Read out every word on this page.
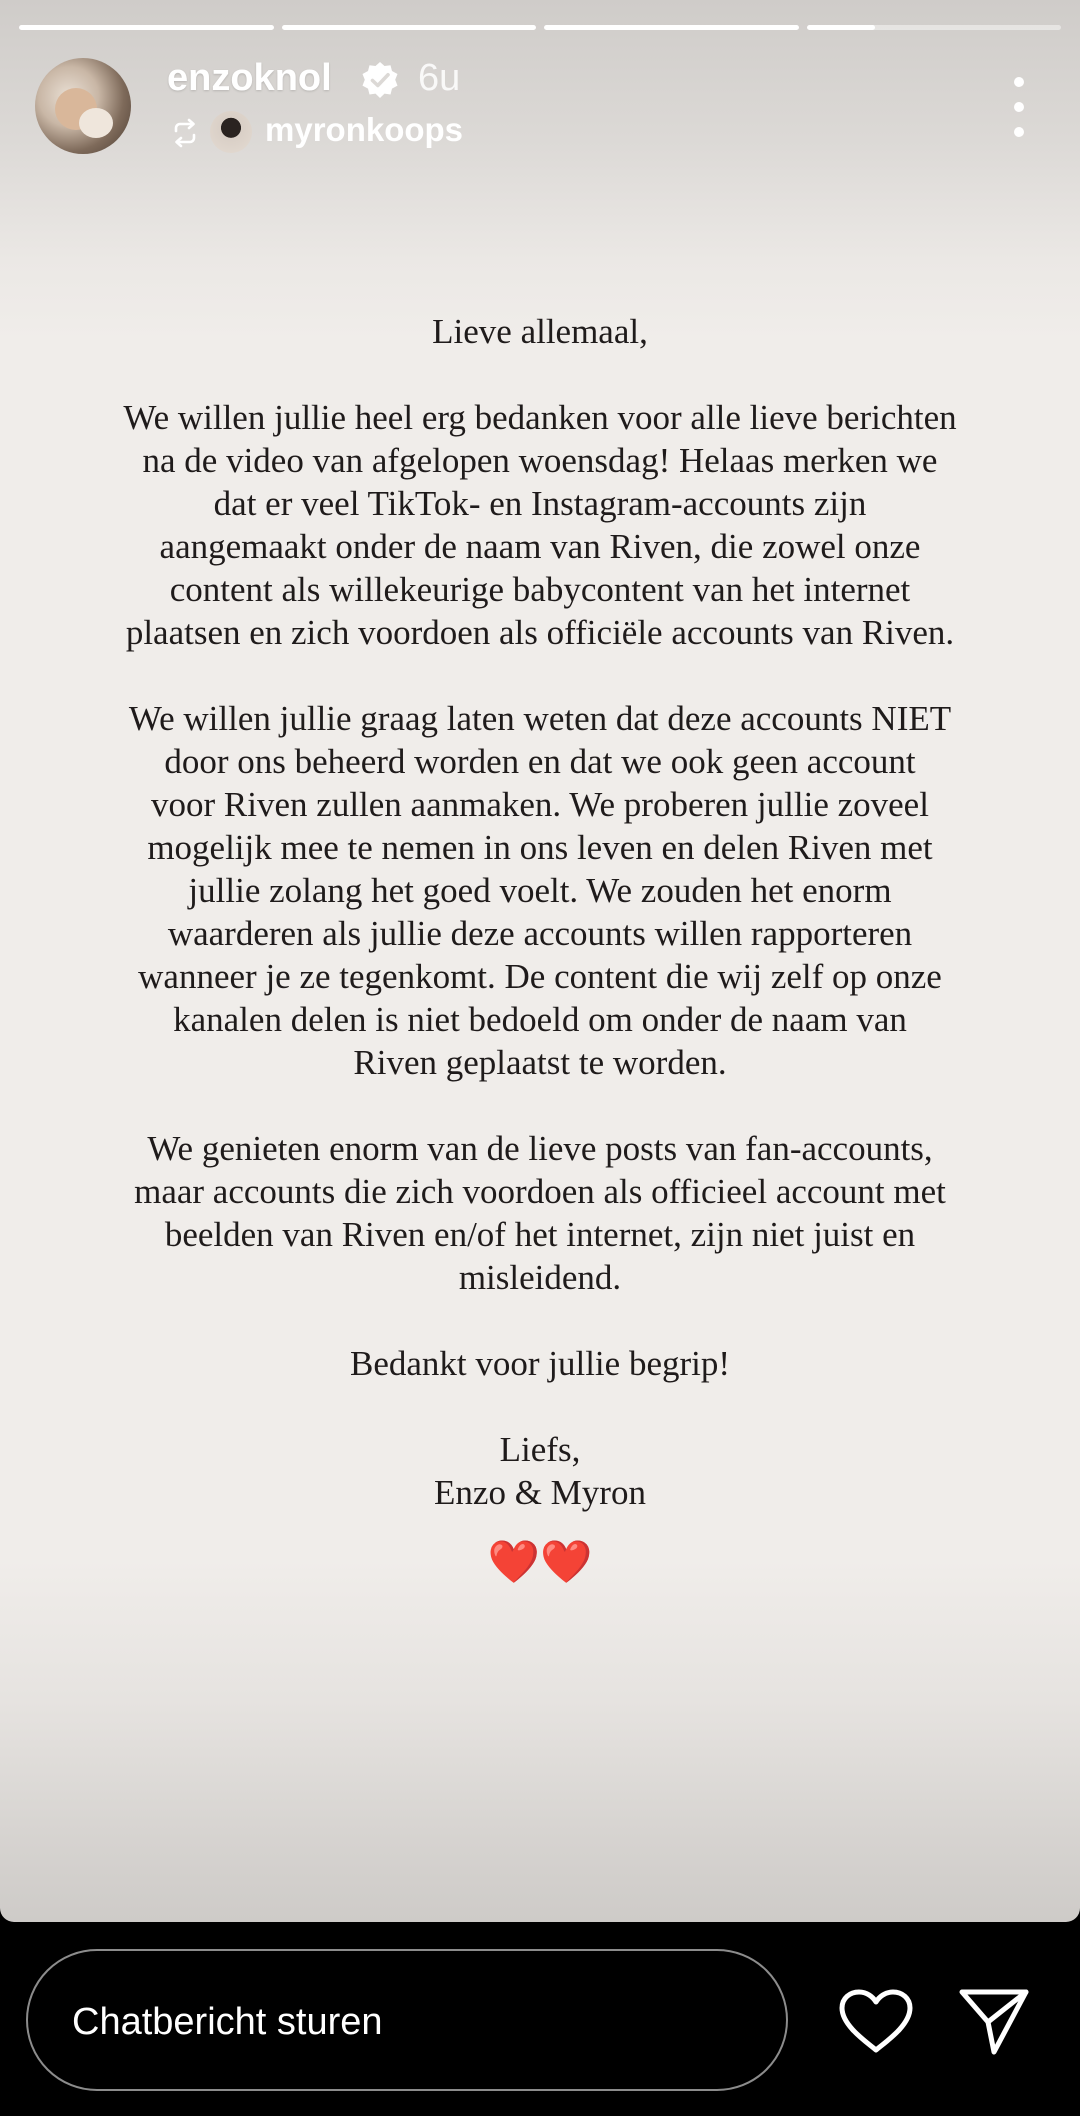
enzoknol 6u
myronkoops

Lieve allemaal,

We willen jullie heel erg bedanken voor alle lieve berichten
na de video van afgelopen woensdag! Helaas merken we
dat er veel TikTok- en Instagram-accounts zijn
aangemaakt onder de naam van Riven, die zowel onze
content als willekeurige babycontent van het internet
plaatsen en zich voordoen als officiële accounts van Riven.

We willen jullie graag laten weten dat deze accounts NIET
door ons beheerd worden en dat we ook geen account
voor Riven zullen aanmaken. We proberen jullie zoveel
mogelijk mee te nemen in ons leven en delen Riven met
jullie zolang het goed voelt. We zouden het enorm
waarderen als jullie deze accounts willen rapporteren
wanneer je ze tegenkomt. De content die wij zelf op onze
kanalen delen is niet bedoeld om onder de naam van
Riven geplaatst te worden.

We genieten enorm van de lieve posts van fan-accounts,
maar accounts die zich voordoen als officieel account met
beelden van Riven en/of het internet, zijn niet juist en
misleidend.

Bedankt voor jullie begrip!

Liefs,
Enzo & Myron

❤️❤️

Chatbericht sturen
